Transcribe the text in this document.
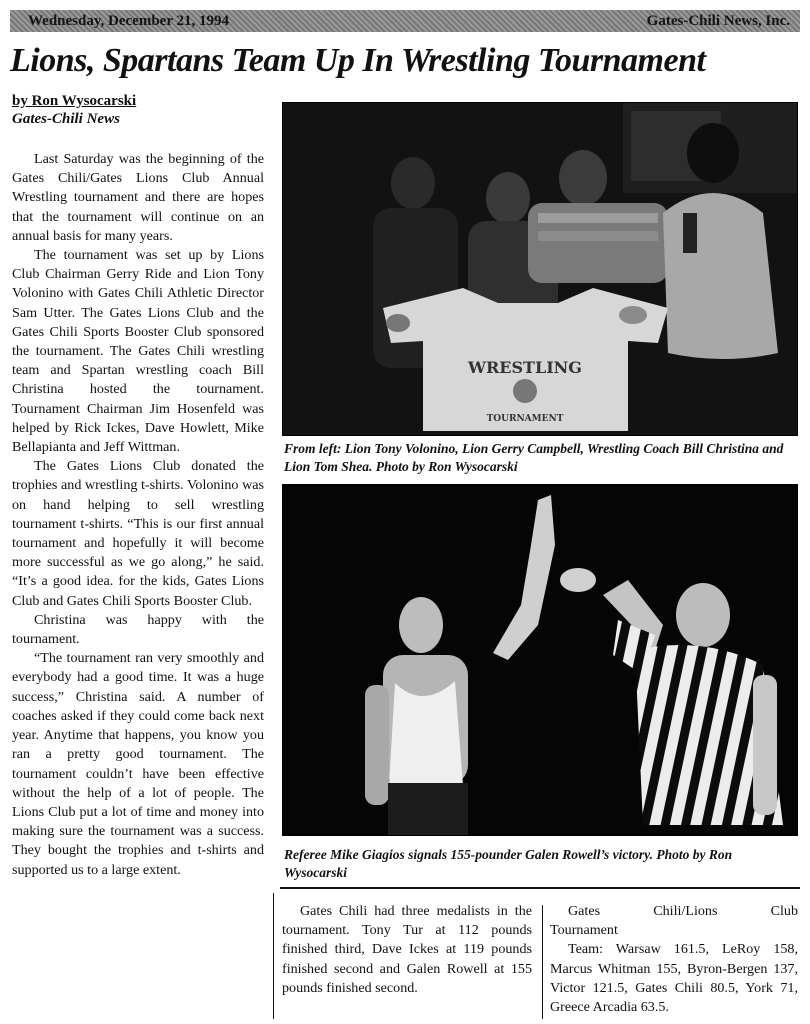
Wednesday, December 21, 1994	Gates-Chili News, Inc.
Lions, Spartans Team Up In Wrestling Tournament
by Ron Wysocarski
Gates-Chili News

Last Saturday was the beginning of the Gates Chili/Gates Lions Club Annual Wrestling tournament and there are hopes that the tournament will continue on an annual basis for many years.

The tournament was set up by Lions Club Chairman Gerry Ride and Lion Tony Volonino with Gates Chili Athletic Director Sam Utter. The Gates Lions Club and the Gates Chili Sports Booster Club sponsored the tournament. The Gates Chili wrestling team and Spartan wrestling coach Bill Christina hosted the tournament. Tournament Chairman Jim Hosenfeld was helped by Rick Ickes, Dave Howlett, Mike Bellapianta and Jeff Wittman.

The Gates Lions Club donated the trophies and wrestling t-shirts. Volonino was on hand helping to sell wrestling tournament t-shirts. “This is our first annual tournament and hopefully it will become more successful as we go along,” he said. “It’s a good idea. for the kids, Gates Lions Club and Gates Chili Sports Booster Club.

Christina was happy with the tournament.

“The tournament ran very smoothly and everybody had a good time. It was a huge success,” Christina said. A number of coaches asked if they could come back next year. Anytime that happens, you know you ran a pretty good tournament. The tournament couldn’t have been effective without the help of a lot of people. The Lions Club put a lot of time and money into making sure the tournament was a success. They bought the trophies and t-shirts and supported us to a large extent.

WRESTLING
TOURNAMENT
From left: Lion Tony Volonino, Lion Gerry Campbell, Wrestling Coach Bill Christina and Lion Tom Shea. Photo by Ron Wysocarski
Referee Mike Giagios signals 155-pounder Galen Rowell’s victory. Photo by Ron Wysocarski

Gates Chili had three medalists in the tournament. Tony Tur at 112 pounds finished third, Dave Ickes at 119 pounds finished second and Galen Rowell at 155 pounds finished second.

Gates Chili/Lions Club

Tournament

Team: Warsaw 161.5, LeRoy 158, Marcus Whitman 155, Byron-Bergen 137, Victor 121.5, Gates Chili 80.5, York 71, Greece Arcadia 63.5.
